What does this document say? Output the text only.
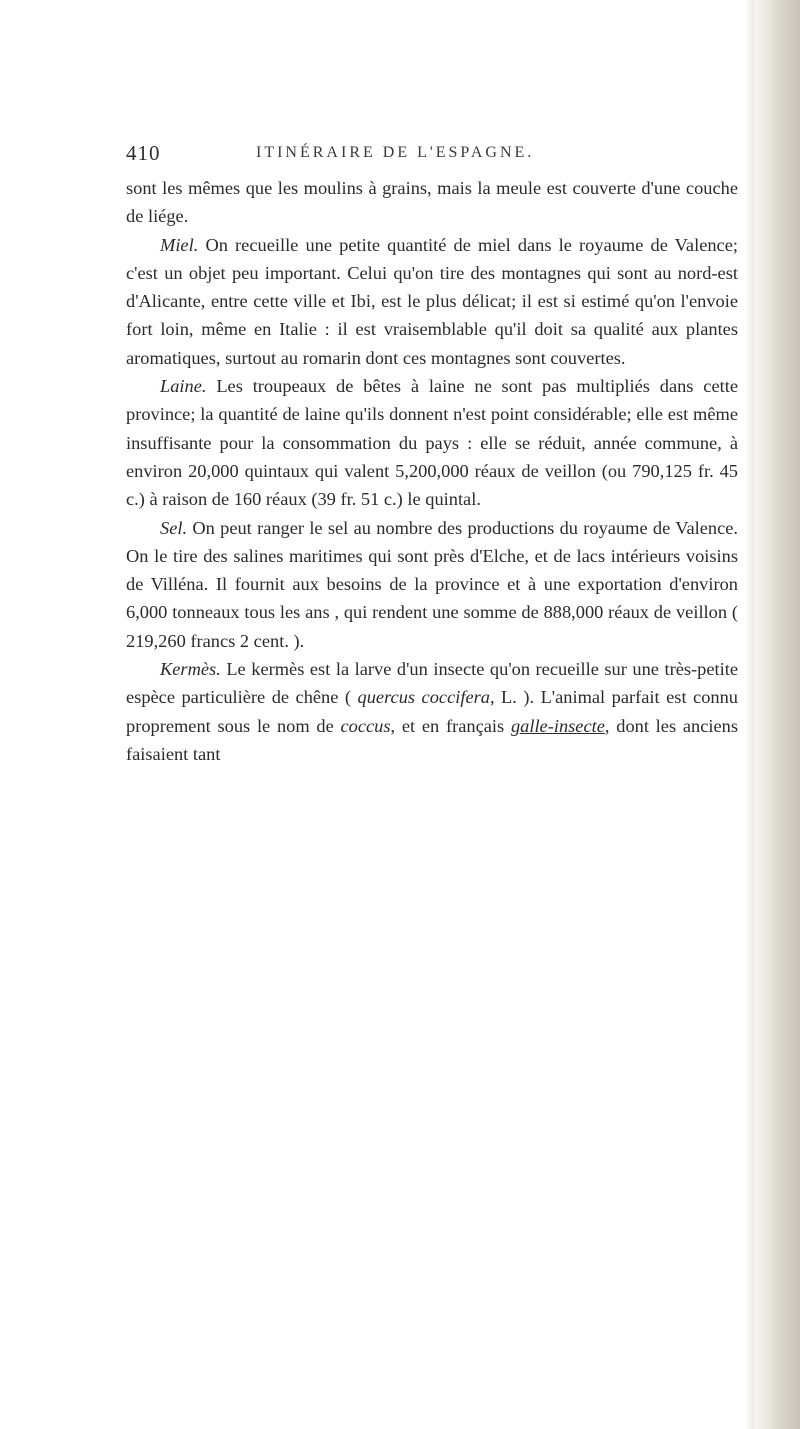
410	ITINÉRAIRE DE L'ESPAGNE.

sont les mêmes que les moulins à grains, mais la meule est couverte d'une couche de liége.

Miel. On recueille une petite quantité de miel dans le royaume de Valence; c'est un objet peu important. Celui qu'on tire des montagnes qui sont au nord-est d'Alicante, entre cette ville et Ibi, est le plus délicat; il est si estimé qu'on l'envoie fort loin, même en Italie : il est vraisemblable qu'il doit sa qualité aux plantes aromatiques, surtout au romarin dont ces montagnes sont couvertes.

Laine. Les troupeaux de bêtes à laine ne sont pas multipliés dans cette province; la quantité de laine qu'ils donnent n'est point considérable; elle est même insuffisante pour la consommation du pays : elle se réduit, année commune, à environ 20,000 quintaux qui valent 5,200,000 réaux de veillon (ou 790,125 fr. 45 c.) à raison de 160 réaux (39 fr. 51 c.) le quintal.

Sel. On peut ranger le sel au nombre des productions du royaume de Valence. On le tire des salines maritimes qui sont près d'Elche, et de lacs intérieurs voisins de Villéna. Il fournit aux besoins de la province et à une exportation d'environ 6,000 tonneaux tous les ans , qui rendent une somme de 888,000 réaux de veillon ( 219,260 francs 2 cent. ).

Kermès. Le kermès est la larve d'un insecte qu'on recueille sur une très-petite espèce particulière de chêne ( quercus coccifera, L. ). L'animal parfait est connu proprement sous le nom de coccus, et en français galle-insecte, dont les anciens faisaient tant
